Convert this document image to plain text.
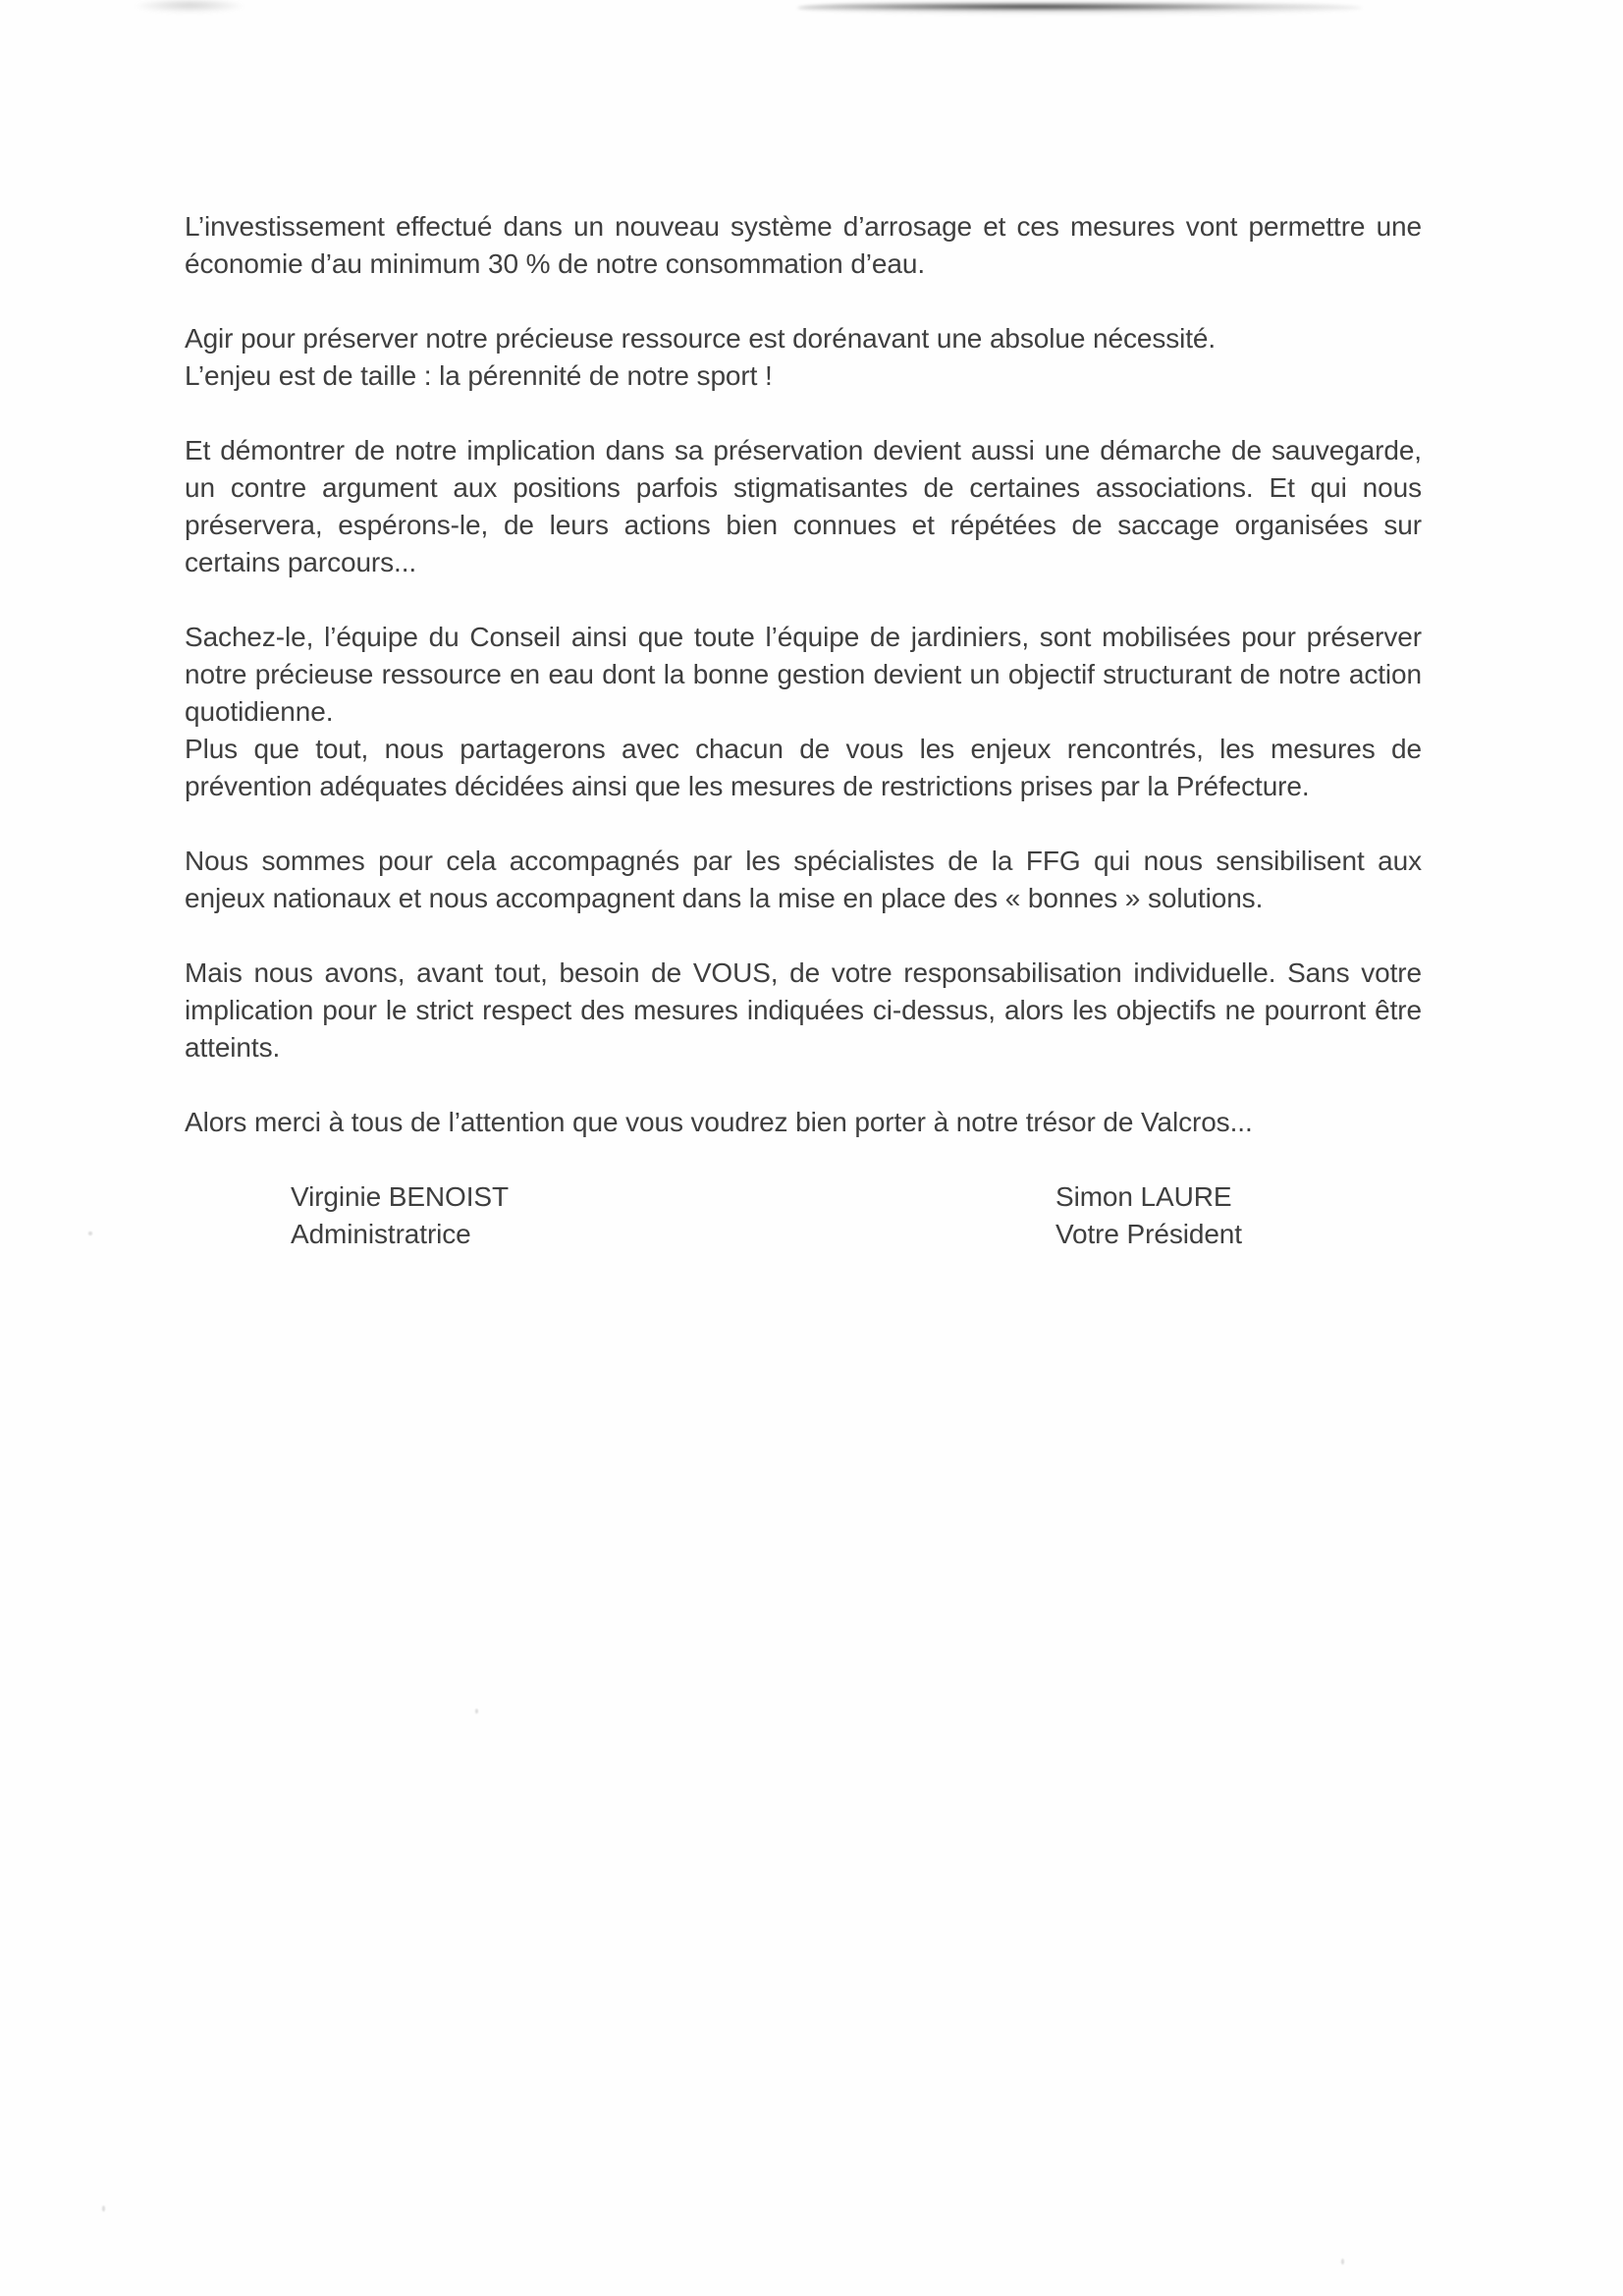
L’investissement effectué dans un nouveau système d’arrosage et ces mesures vont permettre une économie d’au minimum 30 % de notre consommation d’eau.

Agir pour préserver notre précieuse ressource est dorénavant une absolue nécessité.
L’enjeu est de taille : la pérennité de notre sport !

Et démontrer de notre implication dans sa préservation devient aussi une démarche de sauvegarde, un contre argument aux positions parfois stigmatisantes de certaines associations. Et qui nous préservera, espérons-le, de leurs actions bien connues et répétées de saccage organisées sur certains parcours...

Sachez-le, l’équipe du Conseil ainsi que toute l’équipe de jardiniers, sont mobilisées pour préserver notre précieuse ressource en eau dont la bonne gestion devient un objectif structurant de notre action quotidienne.
Plus que tout, nous partagerons avec chacun de vous les enjeux rencontrés, les mesures de prévention adéquates décidées ainsi que les mesures de restrictions prises par la Préfecture.

Nous sommes pour cela accompagnés par les spécialistes de la FFG qui nous sensibilisent aux enjeux nationaux et nous accompagnent dans la mise en place des « bonnes » solutions.

Mais nous avons, avant tout, besoin de VOUS, de votre responsabilisation individuelle. Sans votre implication pour le strict respect des mesures indiquées ci-dessus, alors les objectifs ne pourront être atteints.

Alors merci à tous de l’attention que vous voudrez bien porter à notre trésor de Valcros...

Virginie BENOIST
Administratrice
Simon LAURE
Votre Président
